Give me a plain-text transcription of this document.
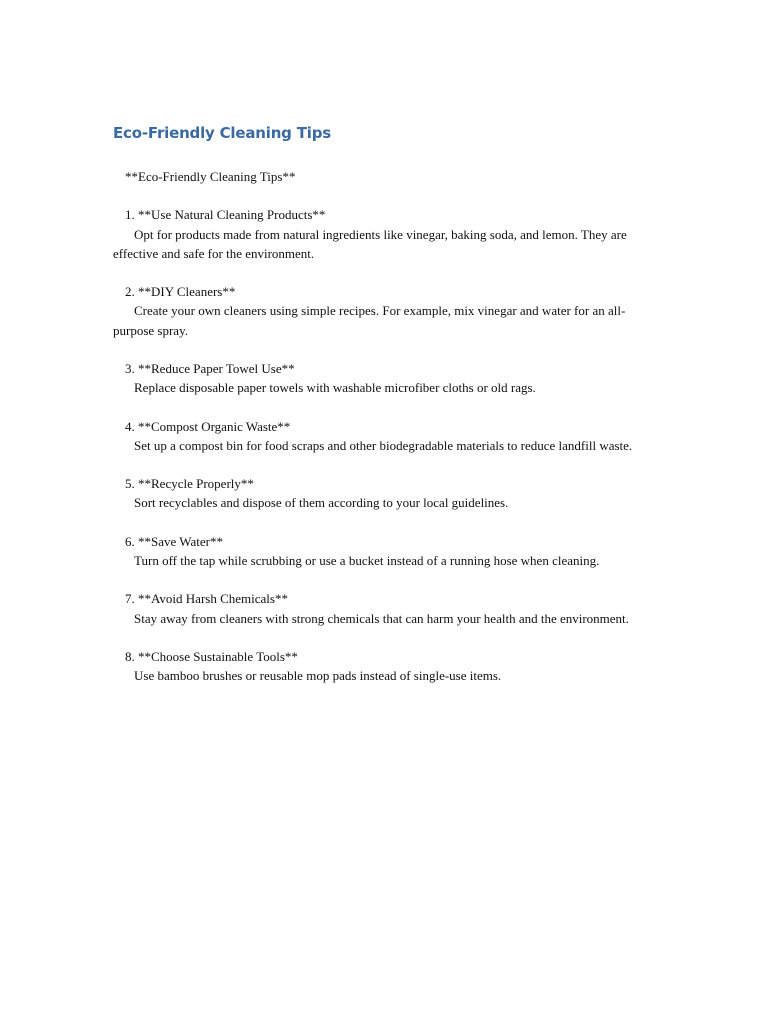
Eco-Friendly Cleaning Tips

**Eco-Friendly Cleaning Tips**

1. **Use Natural Cleaning Products**
Opt for products made from natural ingredients like vinegar, baking soda, and lemon. They are effective and safe for the environment.
2. **DIY Cleaners**
Create your own cleaners using simple recipes. For example, mix vinegar and water for an all-purpose spray.
3. **Reduce Paper Towel Use**
Replace disposable paper towels with washable microfiber cloths or old rags.
4. **Compost Organic Waste**
Set up a compost bin for food scraps and other biodegradable materials to reduce landfill waste.
5. **Recycle Properly**
Sort recyclables and dispose of them according to your local guidelines.
6. **Save Water**
Turn off the tap while scrubbing or use a bucket instead of a running hose when cleaning.
7. **Avoid Harsh Chemicals**
Stay away from cleaners with strong chemicals that can harm your health and the environment.
8. **Choose Sustainable Tools**
Use bamboo brushes or reusable mop pads instead of single-use items.
